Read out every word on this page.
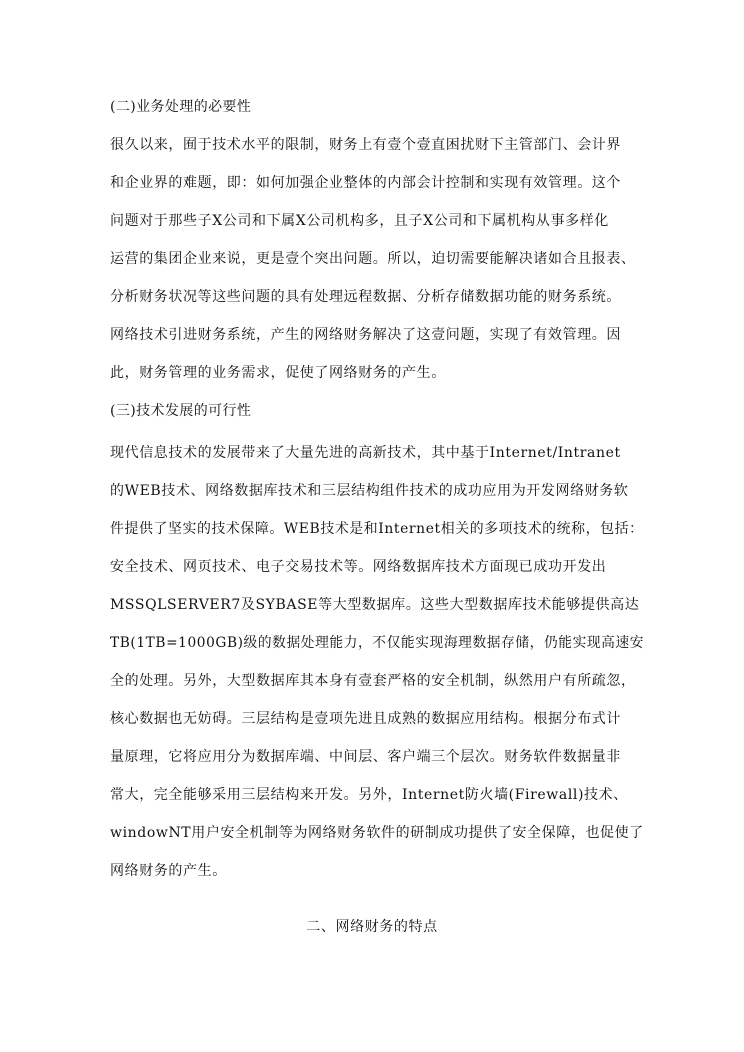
(二)业务处理的必要性
很久以来，囿于技术水平的限制，财务上有壹个壹直困扰财下主管部门、会计界
和企业界的难题，即：如何加强企业整体的内部会计控制和实现有效管理。这个
问题对于那些子X公司和下属X公司机构多，且子X公司和下属机构从事多样化
运营的集团企业来说，更是壹个突出问题。所以，迫切需要能解决诸如合且报表、
分析财务状况等这些问题的具有处理远程数据、分析存储数据功能的财务系统。
网络技术引进财务系统，产生的网络财务解决了这壹问题，实现了有效管理。因
此，财务管理的业务需求，促使了网络财务的产生。
(三)技术发展的可行性
现代信息技术的发展带来了大量先进的高新技术，其中基于Internet/Intranet
的WEB技术、网络数据库技术和三层结构组件技术的成功应用为开发网络财务软
件提供了坚实的技术保障。WEB技术是和Internet相关的多项技术的统称，包括：
安全技术、网页技术、电子交易技术等。网络数据库技术方面现已成功开发出
MSSQLSERVER7及SYBASE等大型数据库。这些大型数据库技术能够提供高达
TB(1TB=1000GB)级的数据处理能力，不仅能实现海理数据存储，仍能实现高速安
全的处理。另外，大型数据库其本身有壹套严格的安全机制，纵然用户有所疏忽，
核心数据也无妨碍。三层结构是壹项先进且成熟的数据应用结构。根据分布式计
量原理，它将应用分为数据库端、中间层、客户端三个层次。财务软件数据量非
常大，完全能够采用三层结构来开发。另外，Internet防火墙(Firewall)技术、
windowNT用户安全机制等为网络财务软件的研制成功提供了安全保障，也促使了
网络财务的产生。
二、网络财务的特点
